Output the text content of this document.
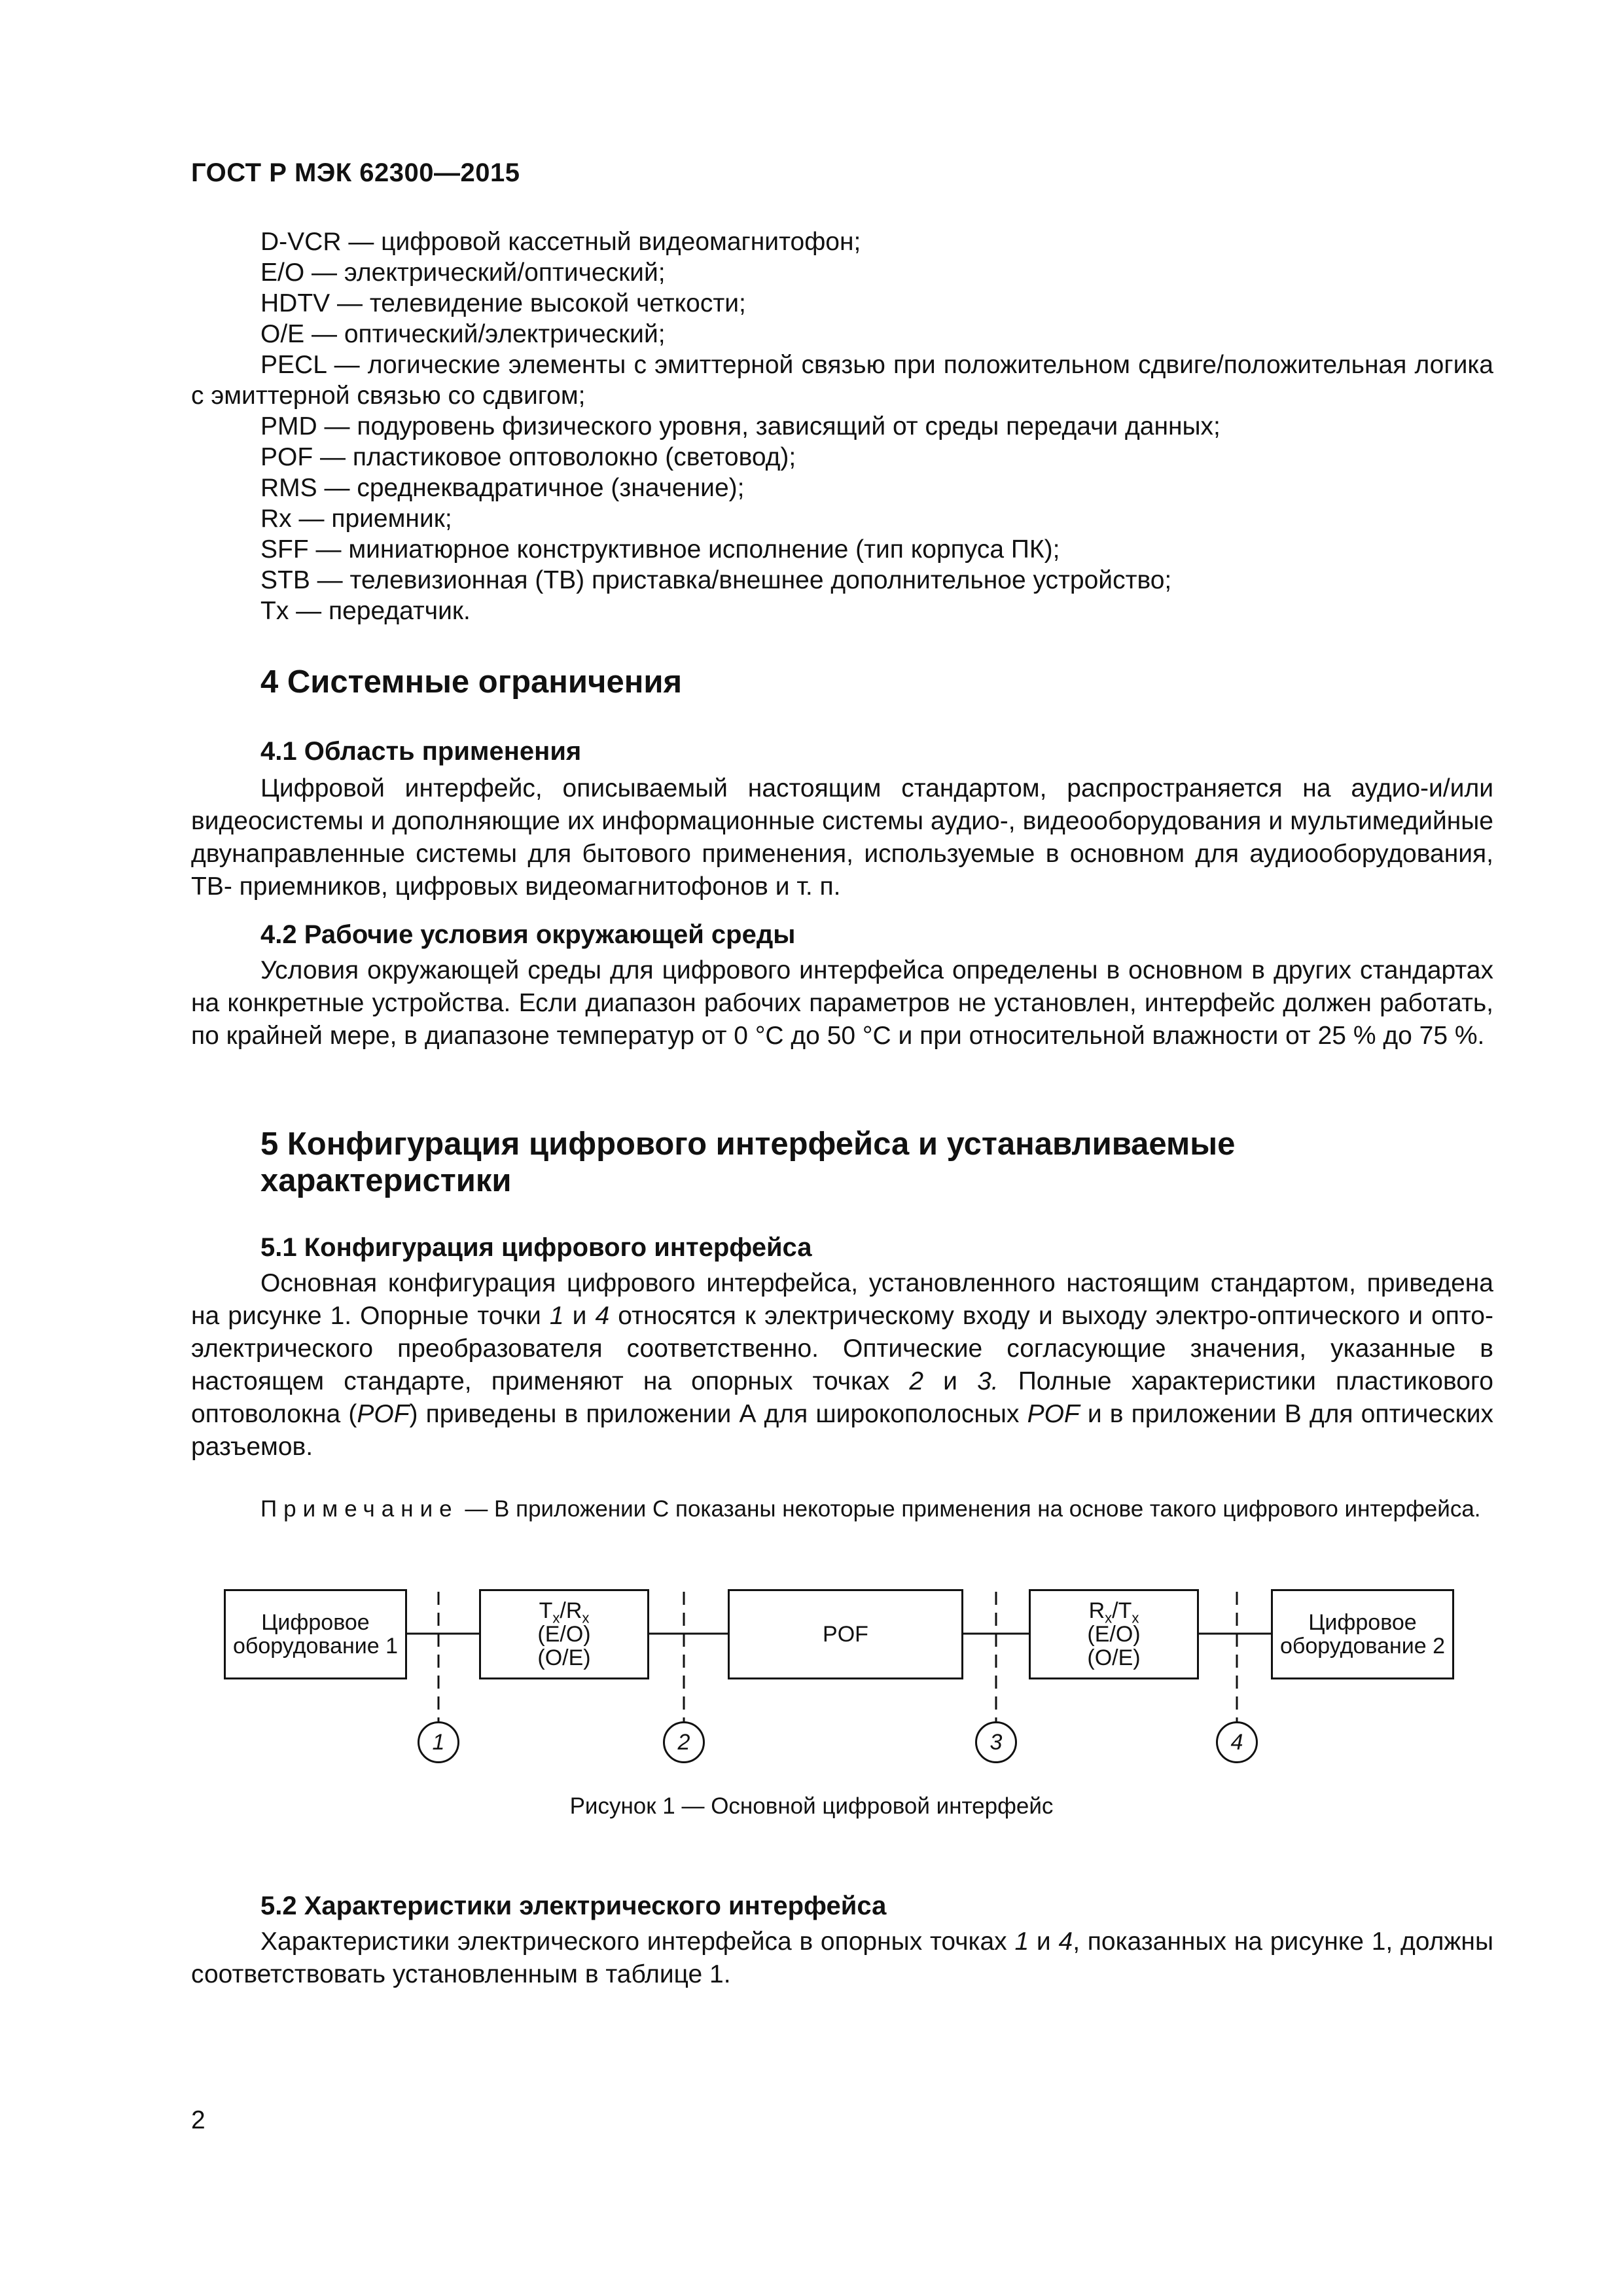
ГОСТ Р МЭК 62300—2015
D-VCR — цифровой кассетный видеомагнитофон;
E/O — электрический/оптический;
HDTV — телевидение высокой четкости;
O/E — оптический/электрический;
PECL — логические элементы с эмиттерной связью при положительном сдвиге/положительная логика с эмиттерной связью со сдвигом;
PMD — подуровень физического уровня, зависящий от среды передачи данных;
POF — пластиковое оптоволокно (световод);
RMS — среднеквадратичное (значение);
Rx — приемник;
SFF — миниатюрное конструктивное исполнение (тип корпуса ПК);
STB — телевизионная (ТВ) приставка/внешнее дополнительное устройство;
Tx — передатчик.
4 Системные ограничения
4.1 Область применения
Цифровой интерфейс, описываемый настоящим стандартом, распространяется на аудио-и/или видеосистемы и дополняющие их информационные системы аудио-, видеооборудования и мультимедийные двунаправленные системы для бытового применения, используемые в основном для аудиооборудования, ТВ- приемников, цифровых видеомагнитофонов и т. п.
4.2 Рабочие условия окружающей среды
Условия окружающей среды для цифрового интерфейса определены в основном в других стандартах на конкретные устройства. Если диапазон рабочих параметров не установлен, интерфейс должен работать, по крайней мере, в диапазоне температур от 0 °С до 50 °С и при относительной влажности от 25 % до 75 %.
5 Конфигурация цифрового интерфейса и устанавливаемые
характеристики
5.1 Конфигурация цифрового интерфейса
Основная конфигурация цифрового интерфейса, установленного настоящим стандартом, приведена на рисунке 1. Опорные точки 1 и 4 относятся к электрическому входу и выходу электро-оптического и опто-электрического преобразователя соответственно. Оптические согласующие значения, указанные в настоящем стандарте, применяют на опорных точках 2 и 3. Полные характеристики пластикового оптоволокна (POF) приведены в приложении А для широкополосных POF и в приложении В для оптических разъемов.
Примечание — В приложении С показаны некоторые применения на основе такого цифрового интерфейса.
Цифровое
оборудование 1
$T_x/R_x$
(E/O)
(O/E)
POF
$R_x/T_x$
(E/O)
(O/E)
Цифровое
оборудование 2
1	2	3	4
Рисунок 1 — Основной цифровой интерфейс
5.2 Характеристики электрического интерфейса
Характеристики электрического интерфейса в опорных точках 1 и 4, показанных на рисунке 1, должны соответствовать установленным в таблице 1.
2
